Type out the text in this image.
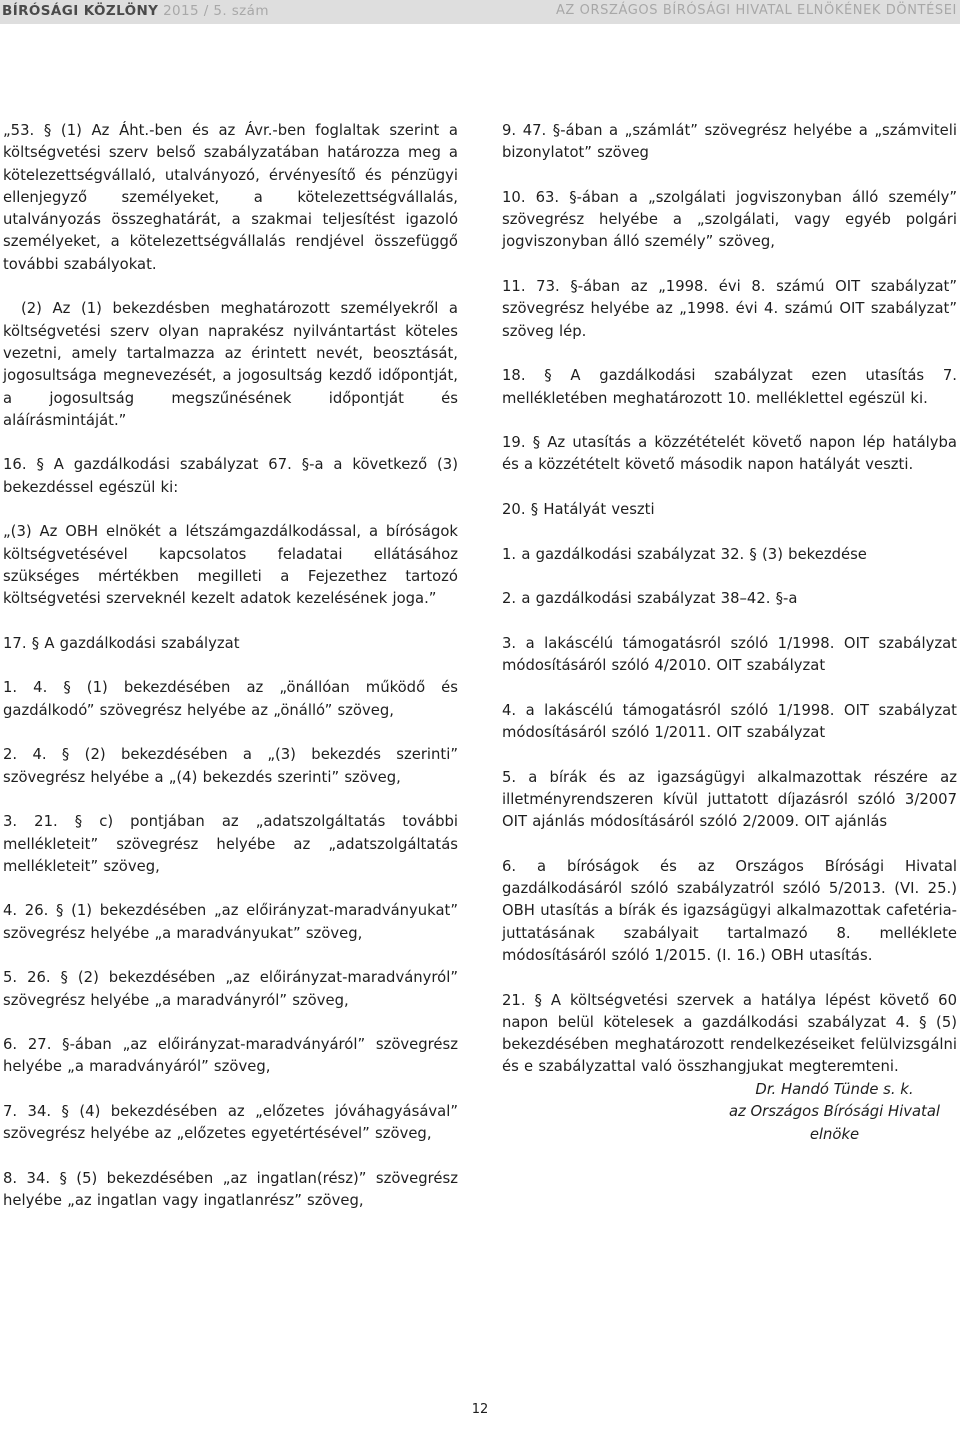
BÍRÓSÁGI KÖZLÖNY 2015 / 5. szám	AZ ORSZÁGOS BÍRÓSÁGI HIVATAL ELNÖKÉNEK DÖNTÉSEI

„53. § (1) Az Áht.-ben és az Ávr.-ben foglaltak szerint a költségvetési szerv belső szabályzatában határozza meg a kötelezettségvállaló, utalványozó, érvényesítő és pénzügyi ellenjegyző személyeket, a kötelezettségvállalás, utalványozás összeghatárát, a szakmai teljesítést igazoló személyeket, a kötelezettségvállalás rendjével összefüggő további szabályokat.

(2) Az (1) bekezdésben meghatározott személyekről a költségvetési szerv olyan naprakész nyilvántartást köteles vezetni, amely tartalmazza az érintett nevét, beosztását, jogosultsága megnevezését, a jogosultság kezdő időpontját, a jogosultság megszűnésének időpontját és aláírásmintáját.”

16. § A gazdálkodási szabályzat 67. §-a a következő (3) bekezdéssel egészül ki:

„(3) Az OBH elnökét a létszámgazdálkodással, a bíróságok költségvetésével kapcsolatos feladatai ellátásához szükséges mértékben megilleti a Fejezethez tartozó költségvetési szerveknél kezelt adatok kezelésének joga.”

17. § A gazdálkodási szabályzat

1. 4. § (1) bekezdésében az „önállóan működő és gazdálkodó” szövegrész helyébe az „önálló” szöveg,

2. 4. § (2) bekezdésében a „(3) bekezdés szerinti” szövegrész helyébe a „(4) bekezdés szerinti” szöveg,

3. 21. § c) pontjában az „adatszolgáltatás további mellékleteit” szövegrész helyébe az „adatszolgáltatás mellékleteit” szöveg,

4. 26. § (1) bekezdésében „az előirányzat-maradványukat” szövegrész helyébe „a maradványukat” szöveg,

5. 26. § (2) bekezdésében „az előirányzat-maradványról” szövegrész helyébe „a maradványról” szöveg,

6. 27. §-ában „az előirányzat-maradványáról” szövegrész helyébe „a maradványáról” szöveg,

7. 34. § (4) bekezdésében az „előzetes jóváhagyásával” szövegrész helyébe az „előzetes egyetértésével” szöveg,

8. 34. § (5) bekezdésében „az ingatlan(rész)” szövegrész helyébe „az ingatlan vagy ingatlanrész” szöveg,

9. 47. §-ában a „számlát” szövegrész helyébe a „számviteli bizonylatot” szöveg

10. 63. §-ában a „szolgálati jogviszonyban álló személy” szövegrész helyébe a „szolgálati, vagy egyéb polgári jogviszonyban álló személy” szöveg,

11. 73. §-ában az „1998. évi 8. számú OIT szabályzat” szövegrész helyébe az „1998. évi 4. számú OIT szabályzat” szöveg lép.

18. § A gazdálkodási szabályzat ezen utasítás 7. mellékletében meghatározott 10. melléklettel egészül ki.

19. § Az utasítás a közzétételét követő napon lép hatályba és a közzétételt követő második napon hatályát veszti.

20. § Hatályát veszti

1. a gazdálkodási szabályzat 32. § (3) bekezdése

2. a gazdálkodási szabályzat 38–42. §-a

3. a lakáscélú támogatásról szóló 1/1998. OIT szabályzat módosításáról szóló 4/2010. OIT szabályzat

4. a lakáscélú támogatásról szóló 1/1998. OIT szabályzat módosításáról szóló 1/2011. OIT szabályzat

5. a bírák és az igazságügyi alkalmazottak részére az illetményrendszeren kívül juttatott díjazásról szóló 3/2007 OIT ajánlás módosításáról szóló 2/2009. OIT ajánlás

6. a bíróságok és az Országos Bírósági Hivatal gazdálkodásáról szóló szabályzatról szóló 5/2013. (VI. 25.) OBH utasítás a bírák és igazságügyi alkalmazottak cafetéria-juttatásának szabályait tartalmazó 8. melléklete módosításáról szóló 1/2015. (I. 16.) OBH utasítás.

21. § A költségvetési szervek a hatálya lépést követő 60 napon belül kötelesek a gazdálkodási szabályzat 4. § (5) bekezdésében meghatározott rendelkezéseiket felülvizsgálni és e szabályzattal való összhangjukat megteremteni.

Dr. Handó Tünde s. k.
az Országos Bírósági Hivatal
elnöke
12
